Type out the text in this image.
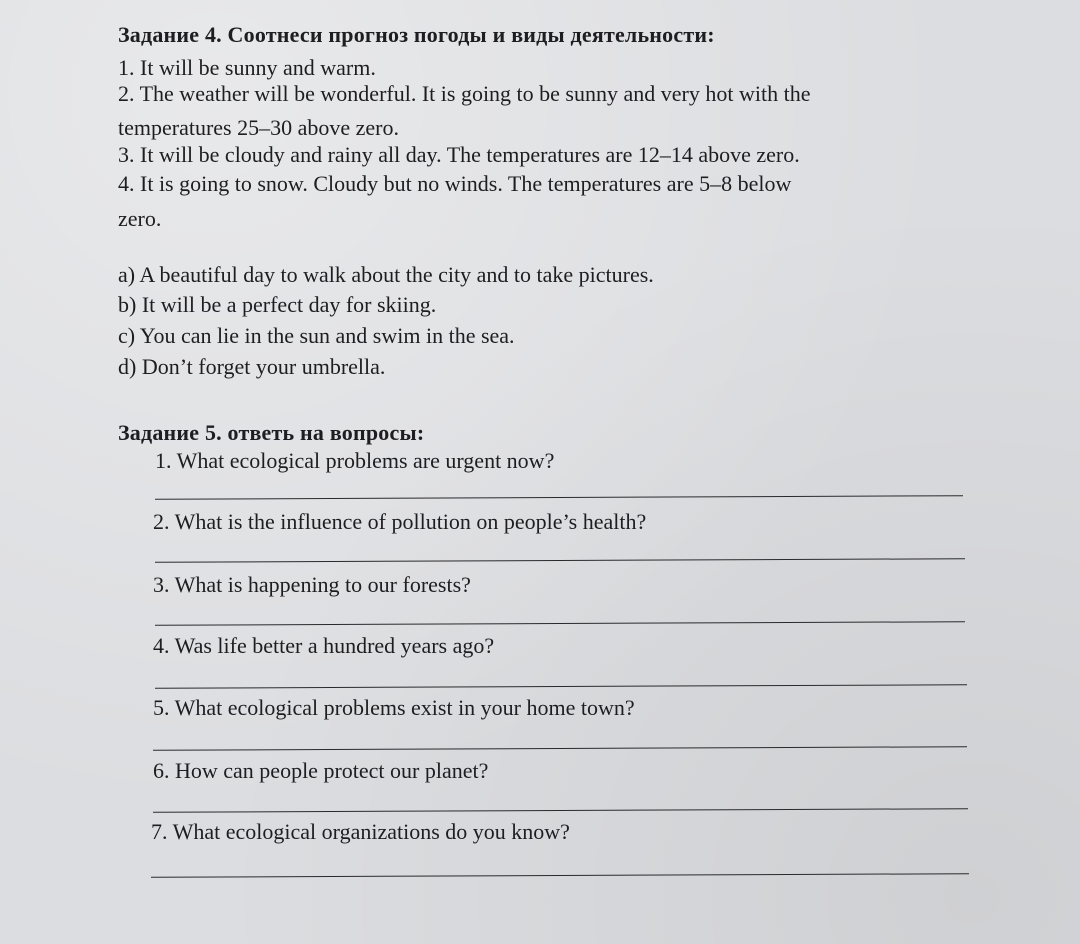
Задание 4. Соотнеси прогноз погоды и виды деятельности:
1. It will be sunny and warm.
2. The weather will be wonderful. It is going to be sunny and very hot with the
temperatures 25–30 above zero.
3. It will be cloudy and rainy all day. The temperatures are 12–14 above zero.
4. It is going to snow. Cloudy but no winds. The temperatures are 5–8 below
zero.
a) A beautiful day to walk about the city and to take pictures.
b) It will be a perfect day for skiing.
c) You can lie in the sun and swim in the sea.
d) Don’t forget your umbrella.
Задание 5. ответь на вопросы:
1. What ecological problems are urgent now?
2. What is the influence of pollution on people’s health?
3. What is happening to our forests?
4. Was life better a hundred years ago?
5. What ecological problems exist in your home town?
6. How can people protect our planet?
7. What ecological organizations do you know?
